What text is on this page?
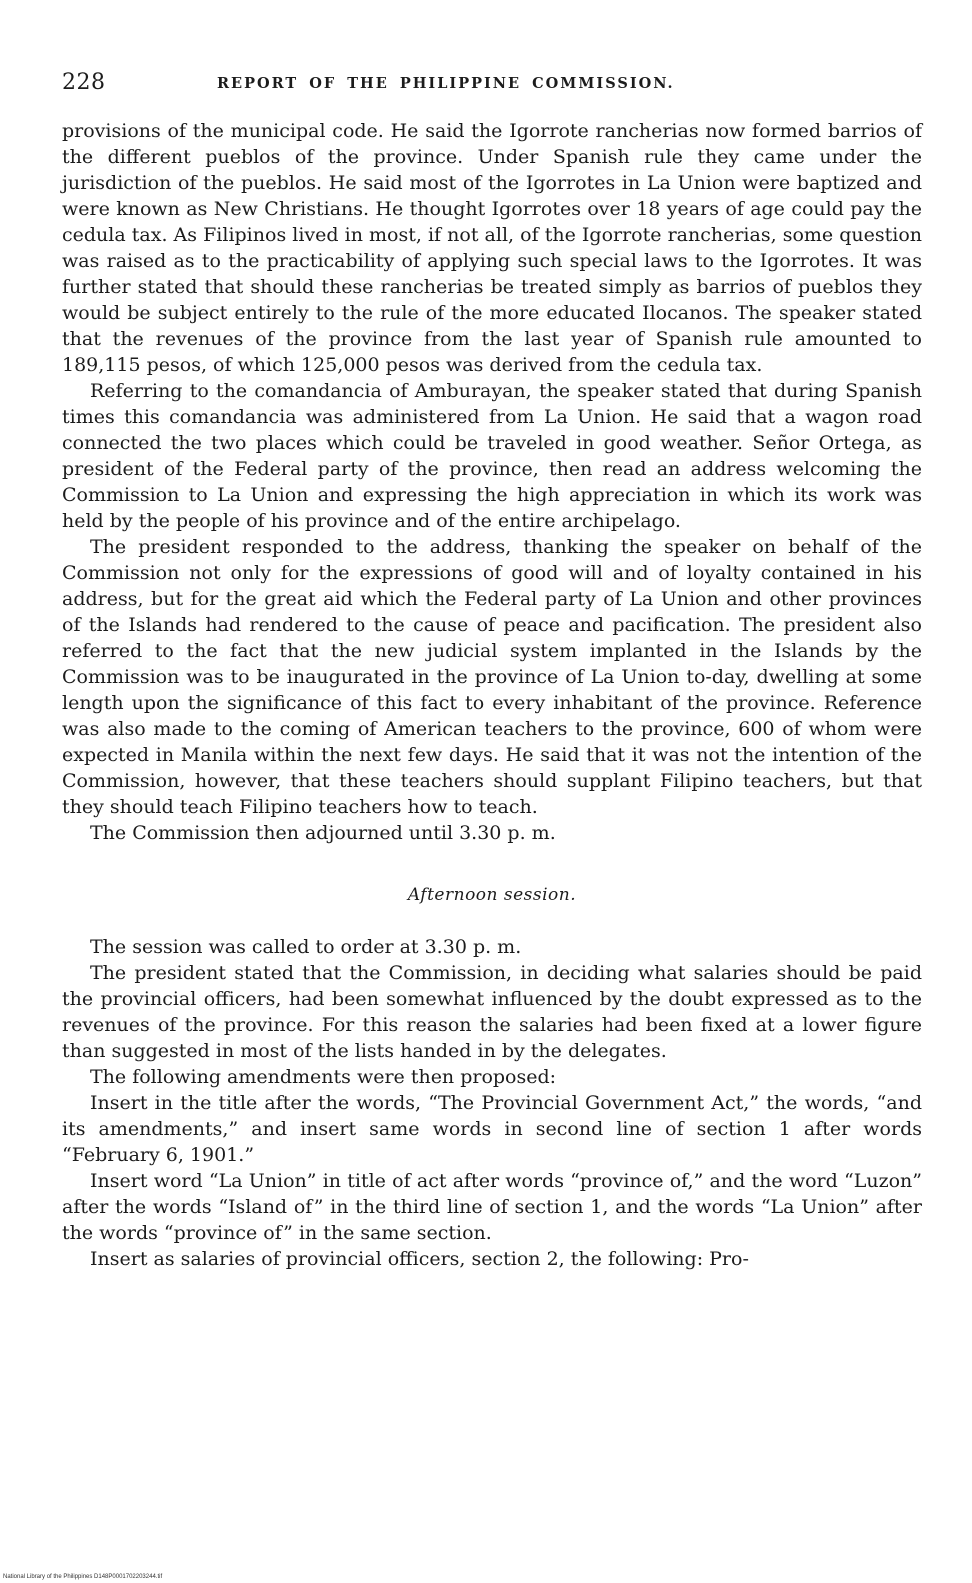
228	REPORT OF THE PHILIPPINE COMMISSION.

provisions of the municipal code. He said the Igorrote rancherias now formed barrios of the different pueblos of the province. Under Spanish rule they came under the jurisdiction of the pueblos. He said most of the Igorrotes in La Union were baptized and were known as New Christians. He thought Igorrotes over 18 years of age could pay the cedula tax. As Filipinos lived in most, if not all, of the Igorrote rancherias, some question was raised as to the practicability of applying such special laws to the Igorrotes. It was further stated that should these rancherias be treated simply as barrios of pueblos they would be subject entirely to the rule of the more educated Ilocanos. The speaker stated that the revenues of the province from the last year of Spanish rule amounted to 189,115 pesos, of which 125,000 pesos was derived from the cedula tax.

Referring to the comandancia of Amburayan, the speaker stated that during Spanish times this comandancia was administered from La Union. He said that a wagon road connected the two places which could be traveled in good weather. Señor Ortega, as president of the Federal party of the province, then read an address welcoming the Commission to La Union and expressing the high appreciation in which its work was held by the people of his province and of the entire archipelago.

The president responded to the address, thanking the speaker on behalf of the Commission not only for the expressions of good will and of loyalty contained in his address, but for the great aid which the Federal party of La Union and other provinces of the Islands had rendered to the cause of peace and pacification. The president also referred to the fact that the new judicial system implanted in the Islands by the Commission was to be inaugurated in the province of La Union to-day, dwelling at some length upon the significance of this fact to every inhabitant of the province. Reference was also made to the coming of American teachers to the province, 600 of whom were expected in Manila within the next few days. He said that it was not the intention of the Commission, however, that these teachers should supplant Filipino teachers, but that they should teach Filipino teachers how to teach.

The Commission then adjourned until 3.30 p. m.

Afternoon session.

The session was called to order at 3.30 p. m.

The president stated that the Commission, in deciding what salaries should be paid the provincial officers, had been somewhat influenced by the doubt expressed as to the revenues of the province. For this reason the salaries had been fixed at a lower figure than suggested in most of the lists handed in by the delegates.

The following amendments were then proposed:

Insert in the title after the words, “The Provincial Government Act,” the words, “and its amendments,” and insert same words in second line of section 1 after words “February 6, 1901.”

Insert word “La Union” in title of act after words “province of,” and the word “Luzon” after the words “Island of” in the third line of section 1, and the words “La Union” after the words “province of” in the same section.

Insert as salaries of provincial officers, section 2, the following: Pro-

National Library of the Philippines D148P0001702203244.tif
